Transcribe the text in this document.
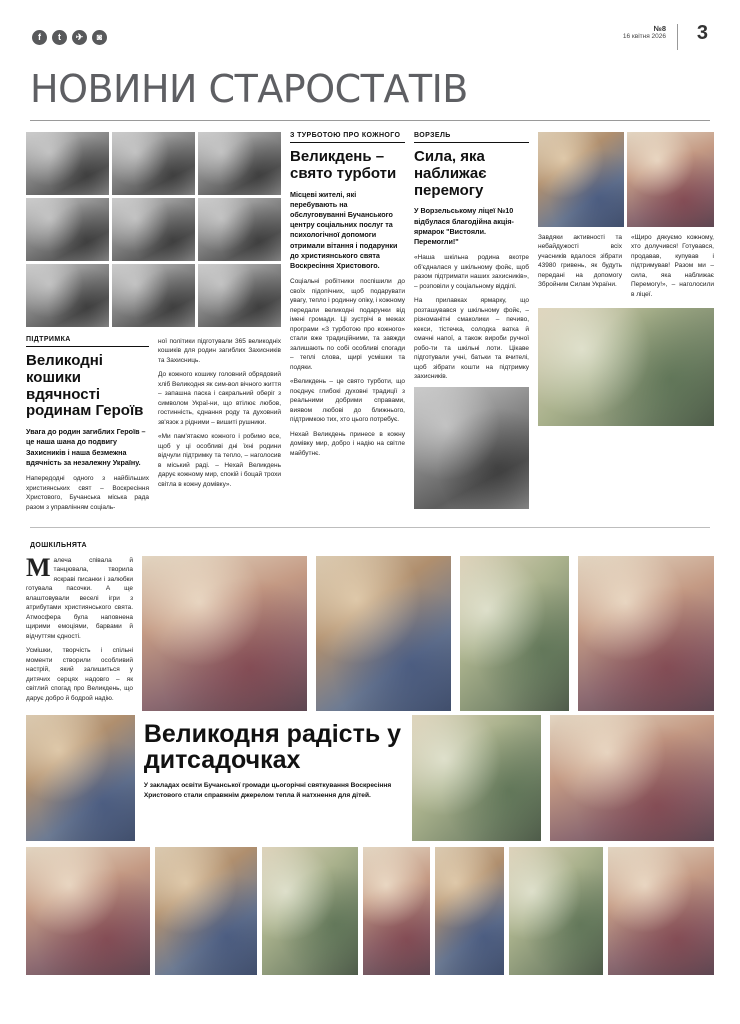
f	t	✈	◙
№8
16 квітня 2026 3
НОВИНИ СТАРОСТАТІВ
ПІДТРИМКА
Великодні кошики вдячності родинам Героїв
Увага до родин загиблих Героїв – це наша шана до подвигу Захисників і наша безмежна вдячність за незалежну Україну.

Напередодні одного з найбільших християнських свят – Воскресіння Христового, Бучанська міська рада разом з управлінням соціаль-

ної політики підготували 365 великодніх кошиків для родин загиблих Захисників та Захисниць.

До кожного кошику головний обрядовий хліб Великодня як сим-вол вічного життя – запашна паска і сакральний оберіг з символом Украї-ни, що втілює любов, гостинність, єднання роду та духовний зв'язок з рідними – вишиті рушники.

«Ми пам'ятаємо кожного і робимо все, щоб у ці особливі дні їхні родини відчули підтримку та тепло, – наголосив в міський раді. – Нехай Великдень дарує кожному мир, спокій і боцай трохи світла в кожну домівку».

З ТУРБОТОЮ ПРО КОЖНОГО
Великдень – свято турботи
Місцеві жителі, які перебувають на обслуговуванні Бучанського центру соціальних послуг та психологічної допомоги отримали вітання і подарунки до християнського свята Воскресіння Христового.

Соціальні робітники поспішили до своїх підопічних, щоб подарувати увагу, тепло і родинну опіку, і кожному передали великодні подарунки від імені громади. Ці зустрічі в межах програми «З турботою про кожного» стали вже традиційними, та завжди залишають по собі особливі спогади – теплі слова, щирі усмішки та подяки.

«Великдень – це свято турботи, що поєднує глибокі духовні традиції з реальними добрими справами, виявом любові до ближнього, підтримкою тих, хто цього потребує.

Нехай Великдень принесе в кожну домівку мир, добро і надію на світле майбутнє.

ВОРЗЕЛЬ
Сила, яка наближає перемогу
У Ворзельському ліцеї №10 відбулася благодійна акція-ярмарок "Вистояли. Перемогли!"

«Наша шкільна родина вкотре об'єдналася у шкільному фойє, щоб разом підтримати наших захисників», – розповіли у соціальному відділі.

На прилавках ярмарку, що розташувався у шкільному фойє, – різноманітні смаколики – печиво, кекси, тістечка, солодка ватка й смачні напої, а також вироби ручної робо-ти та шкільні лоти. Цікаве підготували учні, батьки та вчителі, щоб зібрати кошти на підтримку захисників.

Завдяки активності та небайдужості всіх учасників вдалося зібрати 43980 гривень, як будуть передані на допомогу Збройним Силам України.

«Щиро дякуємо кожному, хто долучився! Готувався, продавав, купував і підтримував! Разом ми – сила, яка наближає Перемогу!», – наголосили в ліцеї.

ДОШКІЛЬНЯТА

Малеча співала й танцювала, творила яскраві писанки і залюбки готувала пасочки. А ще влаштовували веселі ігри з атрибутами християнського свята. Атмосфера була наповнена щирими емоціями, барвами й відчуттям єдності.

Усмішки, творчість і спільні моменти створили особливий настрій, який залишиться у дитячих серцях надовго – як світлий спогад про Великдень, що дарує добро й бодрой надію.

Великодня радість у дитсадочках
У закладах освіти Бучанської громади цьогорічні святкування Воскресіння Христового стали справжнім джерелом тепла й натхнення для дітей.
